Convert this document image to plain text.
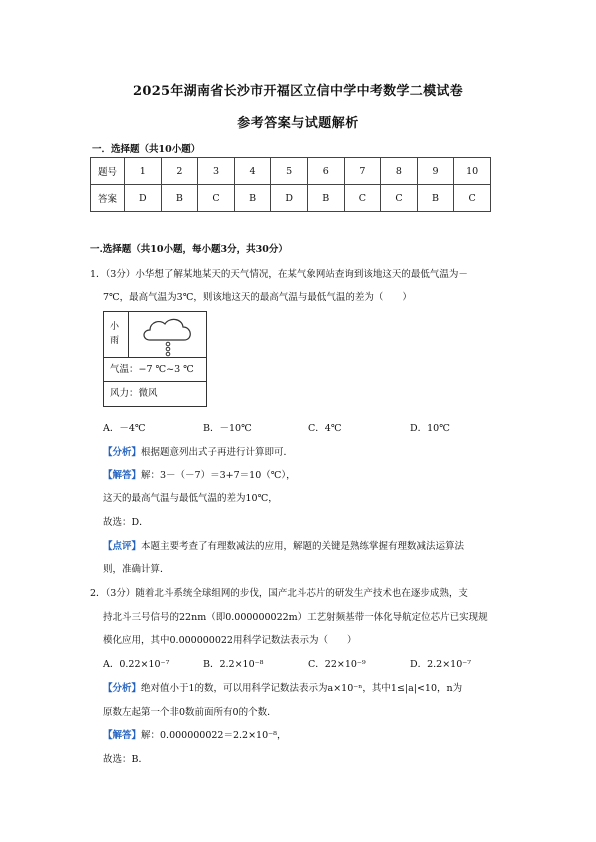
2025年湖南省长沙市开福区立信中学中考数学二模试卷
参考答案与试题解析
一．选择题（共10小题）
题号	1	2	3	4	5	6	7	8	9	10
答案	D	B	C	B	D	B	C	C	B	C
一.选择题（共10小题，每小题3分，共30分）
1．（3分）小华想了解某地某天的天气情况，在某气象网站查询到该地这天的最低气温为－
7℃，最高气温为3℃，则该地这天的最高气温与最低气温的差为（　　）
小雨
气温：−7 ℃~3 ℃
风力：微风
A．－4℃	B．－10℃	C．4℃	D．10℃
【分析】根据题意列出式子再进行计算即可．
【解答】解：3－（－7）＝3+7＝10（℃），
这天的最高气温与最低气温的差为10℃，
故选：D．
【点评】本题主要考查了有理数减法的应用，解题的关键是熟练掌握有理数减法运算法
则，准确计算．
2．（3分）随着北斗系统全球组网的步伐，国产北斗芯片的研发生产技术也在逐步成熟，支
持北斗三号信号的22nm（即0.000000022m）工艺射频基带一体化导航定位芯片已实现规
模化应用，其中0.000000022用科学记数法表示为（　　）
A．0.22×10⁻⁷	B．2.2×10⁻⁸	C．22×10⁻⁹	D．2.2×10⁻⁷
【分析】绝对值小于1的数，可以用科学记数法表示为a×10⁻ⁿ，其中1≤|a|<10，n为
原数左起第一个非0数前面所有0的个数．
【解答】解：0.000000022＝2.2×10⁻⁸，
故选：B．
